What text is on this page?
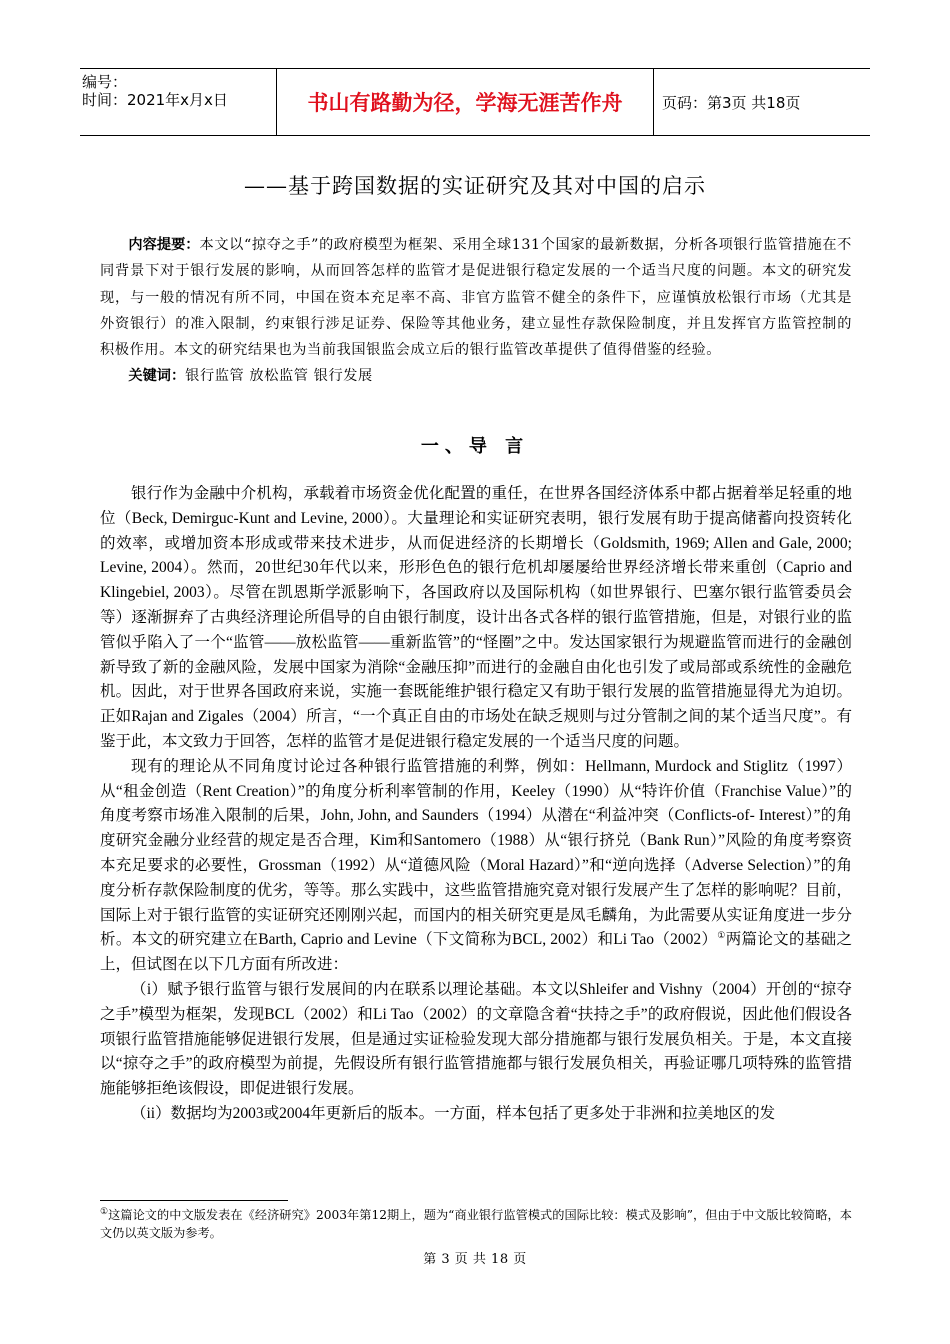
编号：
时间：2021年x月x日	书山有路勤为径，学海无涯苦作舟	页码：第3页 共18页
——基于跨国数据的实证研究及其对中国的启示

内容提要：本文以“掠夺之手”的政府模型为框架、采用全球131个国家的最新数据，分析各项银行监管措施在不同背景下对于银行发展的影响，从而回答怎样的监管才是促进银行稳定发展的一个适当尺度的问题。本文的研究发现，与一般的情况有所不同，中国在资本充足率不高、非官方监管不健全的条件下，应谨慎放松银行市场（尤其是外资银行）的准入限制，约束银行涉足证券、保险等其他业务，建立显性存款保险制度，并且发挥官方监管控制的积极作用。本文的研究结果也为当前我国银监会成立后的银行监管改革提供了值得借鉴的经验。

关键词：银行监管 放松监管 银行发展

一、导 言

银行作为金融中介机构，承载着市场资金优化配置的重任，在世界各国经济体系中都占据着举足轻重的地位（Beck, Demirguc-Kunt and Levine, 2000）。大量理论和实证研究表明，银行发展有助于提高储蓄向投资转化的效率，或增加资本形成或带来技术进步，从而促进经济的长期增长（Goldsmith, 1969; Allen and Gale, 2000; Levine, 2004）。然而，20世纪30年代以来，形形色色的银行危机却屡屡给世界经济增长带来重创（Caprio and Klingebiel, 2003）。尽管在凯恩斯学派影响下，各国政府以及国际机构（如世界银行、巴塞尔银行监管委员会等）逐渐摒弃了古典经济理论所倡导的自由银行制度，设计出各式各样的银行监管措施，但是，对银行业的监管似乎陷入了一个“监管——放松监管——重新监管”的“怪圈”之中。发达国家银行为规避监管而进行的金融创新导致了新的金融风险，发展中国家为消除“金融压抑”而进行的金融自由化也引发了或局部或系统性的金融危机。因此，对于世界各国政府来说，实施一套既能维护银行稳定又有助于银行发展的监管措施显得尤为迫切。正如Rajan and Zigales（2004）所言，“一个真正自由的市场处在缺乏规则与过分管制之间的某个适当尺度”。有鉴于此，本文致力于回答，怎样的监管才是促进银行稳定发展的一个适当尺度的问题。

现有的理论从不同角度讨论过各种银行监管措施的利弊，例如：Hellmann, Murdock and Stiglitz（1997）从“租金创造（Rent Creation）”的角度分析利率管制的作用，Keeley（1990）从“特许价值（Franchise Value）”的角度考察市场准入限制的后果，John, John, and Saunders（1994）从潜在“利益冲突（Conflicts-of- Interest）”的角度研究金融分业经营的规定是否合理，Kim和Santomero（1988）从“银行挤兑（Bank Run）”风险的角度考察资本充足要求的必要性，Grossman（1992）从“道德风险（Moral Hazard）”和“逆向选择（Adverse Selection）”的角度分析存款保险制度的优劣，等等。那么实践中，这些监管措施究竟对银行发展产生了怎样的影响呢？目前，国际上对于银行监管的实证研究还刚刚兴起，而国内的相关研究更是凤毛麟角，为此需要从实证角度进一步分析。本文的研究建立在Barth, Caprio and Levine（下文简称为BCL, 2002）和Li Tao（2002）①两篇论文的基础之上，但试图在以下几方面有所改进：

（i）赋予银行监管与银行发展间的内在联系以理论基础。本文以Shleifer and Vishny（2004）开创的“掠夺之手”模型为框架，发现BCL（2002）和Li Tao（2002）的文章隐含着“扶持之手”的政府假说，因此他们假设各项银行监管措施能够促进银行发展，但是通过实证检验发现大部分措施都与银行发展负相关。于是，本文直接以“掠夺之手”的政府模型为前提，先假设所有银行监管措施都与银行发展负相关，再验证哪几项特殊的监管措施能够拒绝该假设，即促进银行发展。

（ii）数据均为2003或2004年更新后的版本。一方面，样本包括了更多处于非洲和拉美地区的发

①这篇论文的中文版发表在《经济研究》2003年第12期上，题为“商业银行监管模式的国际比较：模式及影响”，但由于中文版比较简略，本文仍以英文版为参考。
第 3 页 共 18 页
